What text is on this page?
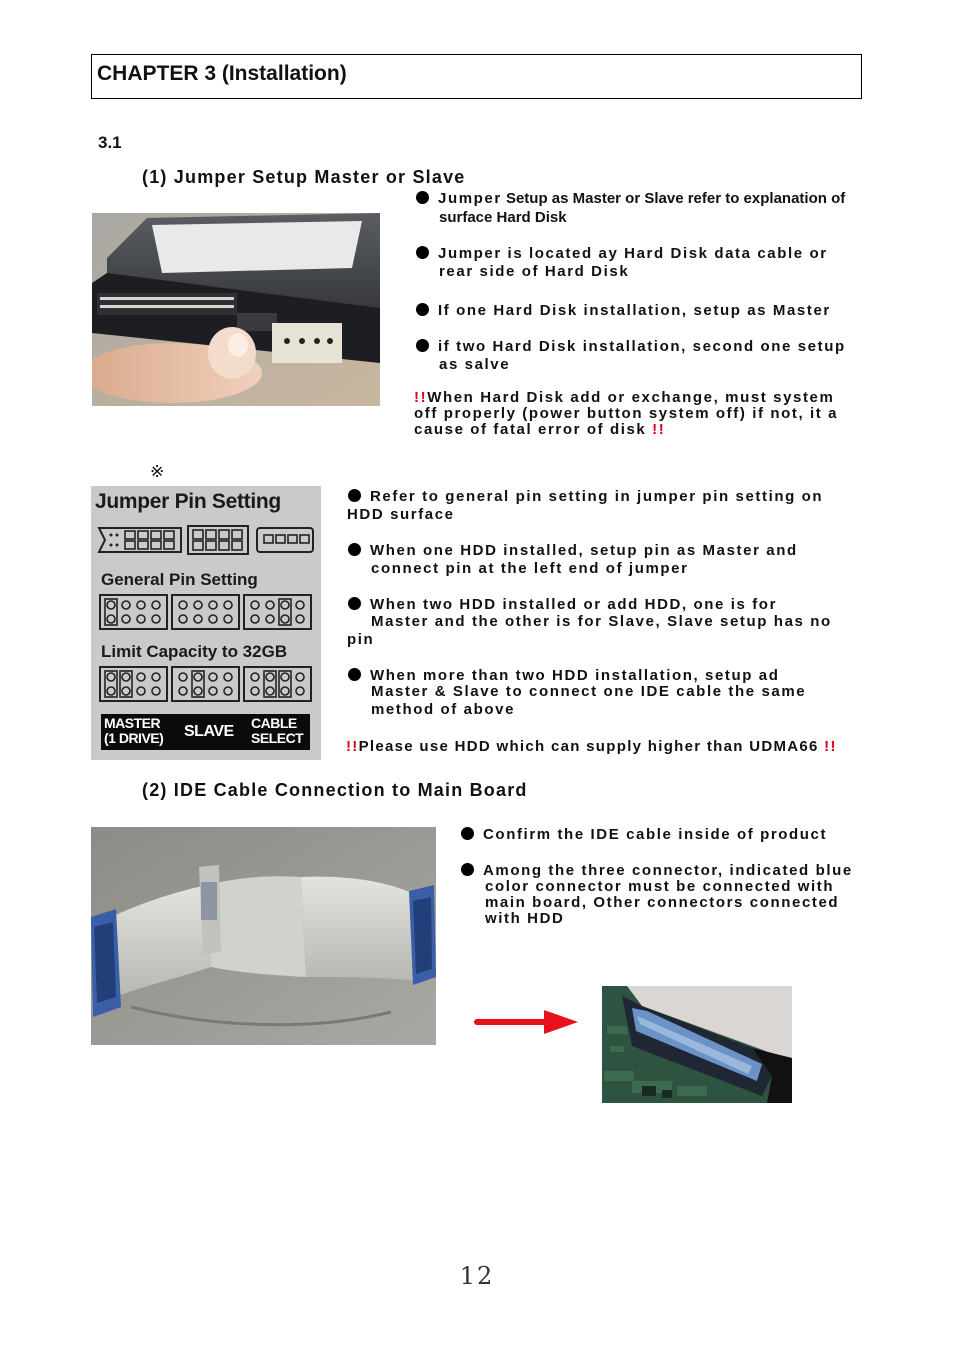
CHAPTER 3 (Installation)
3.1
(1) Jumper Setup Master or Slave
Jumper Setup as Master or Slave refer to explanation of
surface Hard Disk
Jumper is located ay Hard Disk data cable or
rear side of Hard Disk
If one Hard Disk installation, setup as Master
if two Hard Disk installation, second one setup
as salve
!!When Hard Disk add or exchange, must system
off properly (power button system off) if not, it a
cause of fatal error of disk !!
※
Jumper Pin Setting
General Pin Setting
Limit Capacity to 32GB
MASTER
(1 DRIVE) SLAVE CABLE
SELECT
Refer to general pin setting in jumper pin setting on
HDD surface
When one HDD installed, setup pin as Master and
connect pin at the left end of jumper
When two HDD installed or add HDD, one is for
Master and the other is for Slave, Slave setup has no
pin
When more than two HDD installation, setup ad
Master & Slave to connect one IDE cable the same
method of above
!!Please use HDD which can supply higher than UDMA66 !!
(2) IDE Cable Connection to Main Board
Confirm the IDE cable inside of product
Among the three connector, indicated blue
color connector must be connected with
main board, Other connectors connected
with HDD
12
